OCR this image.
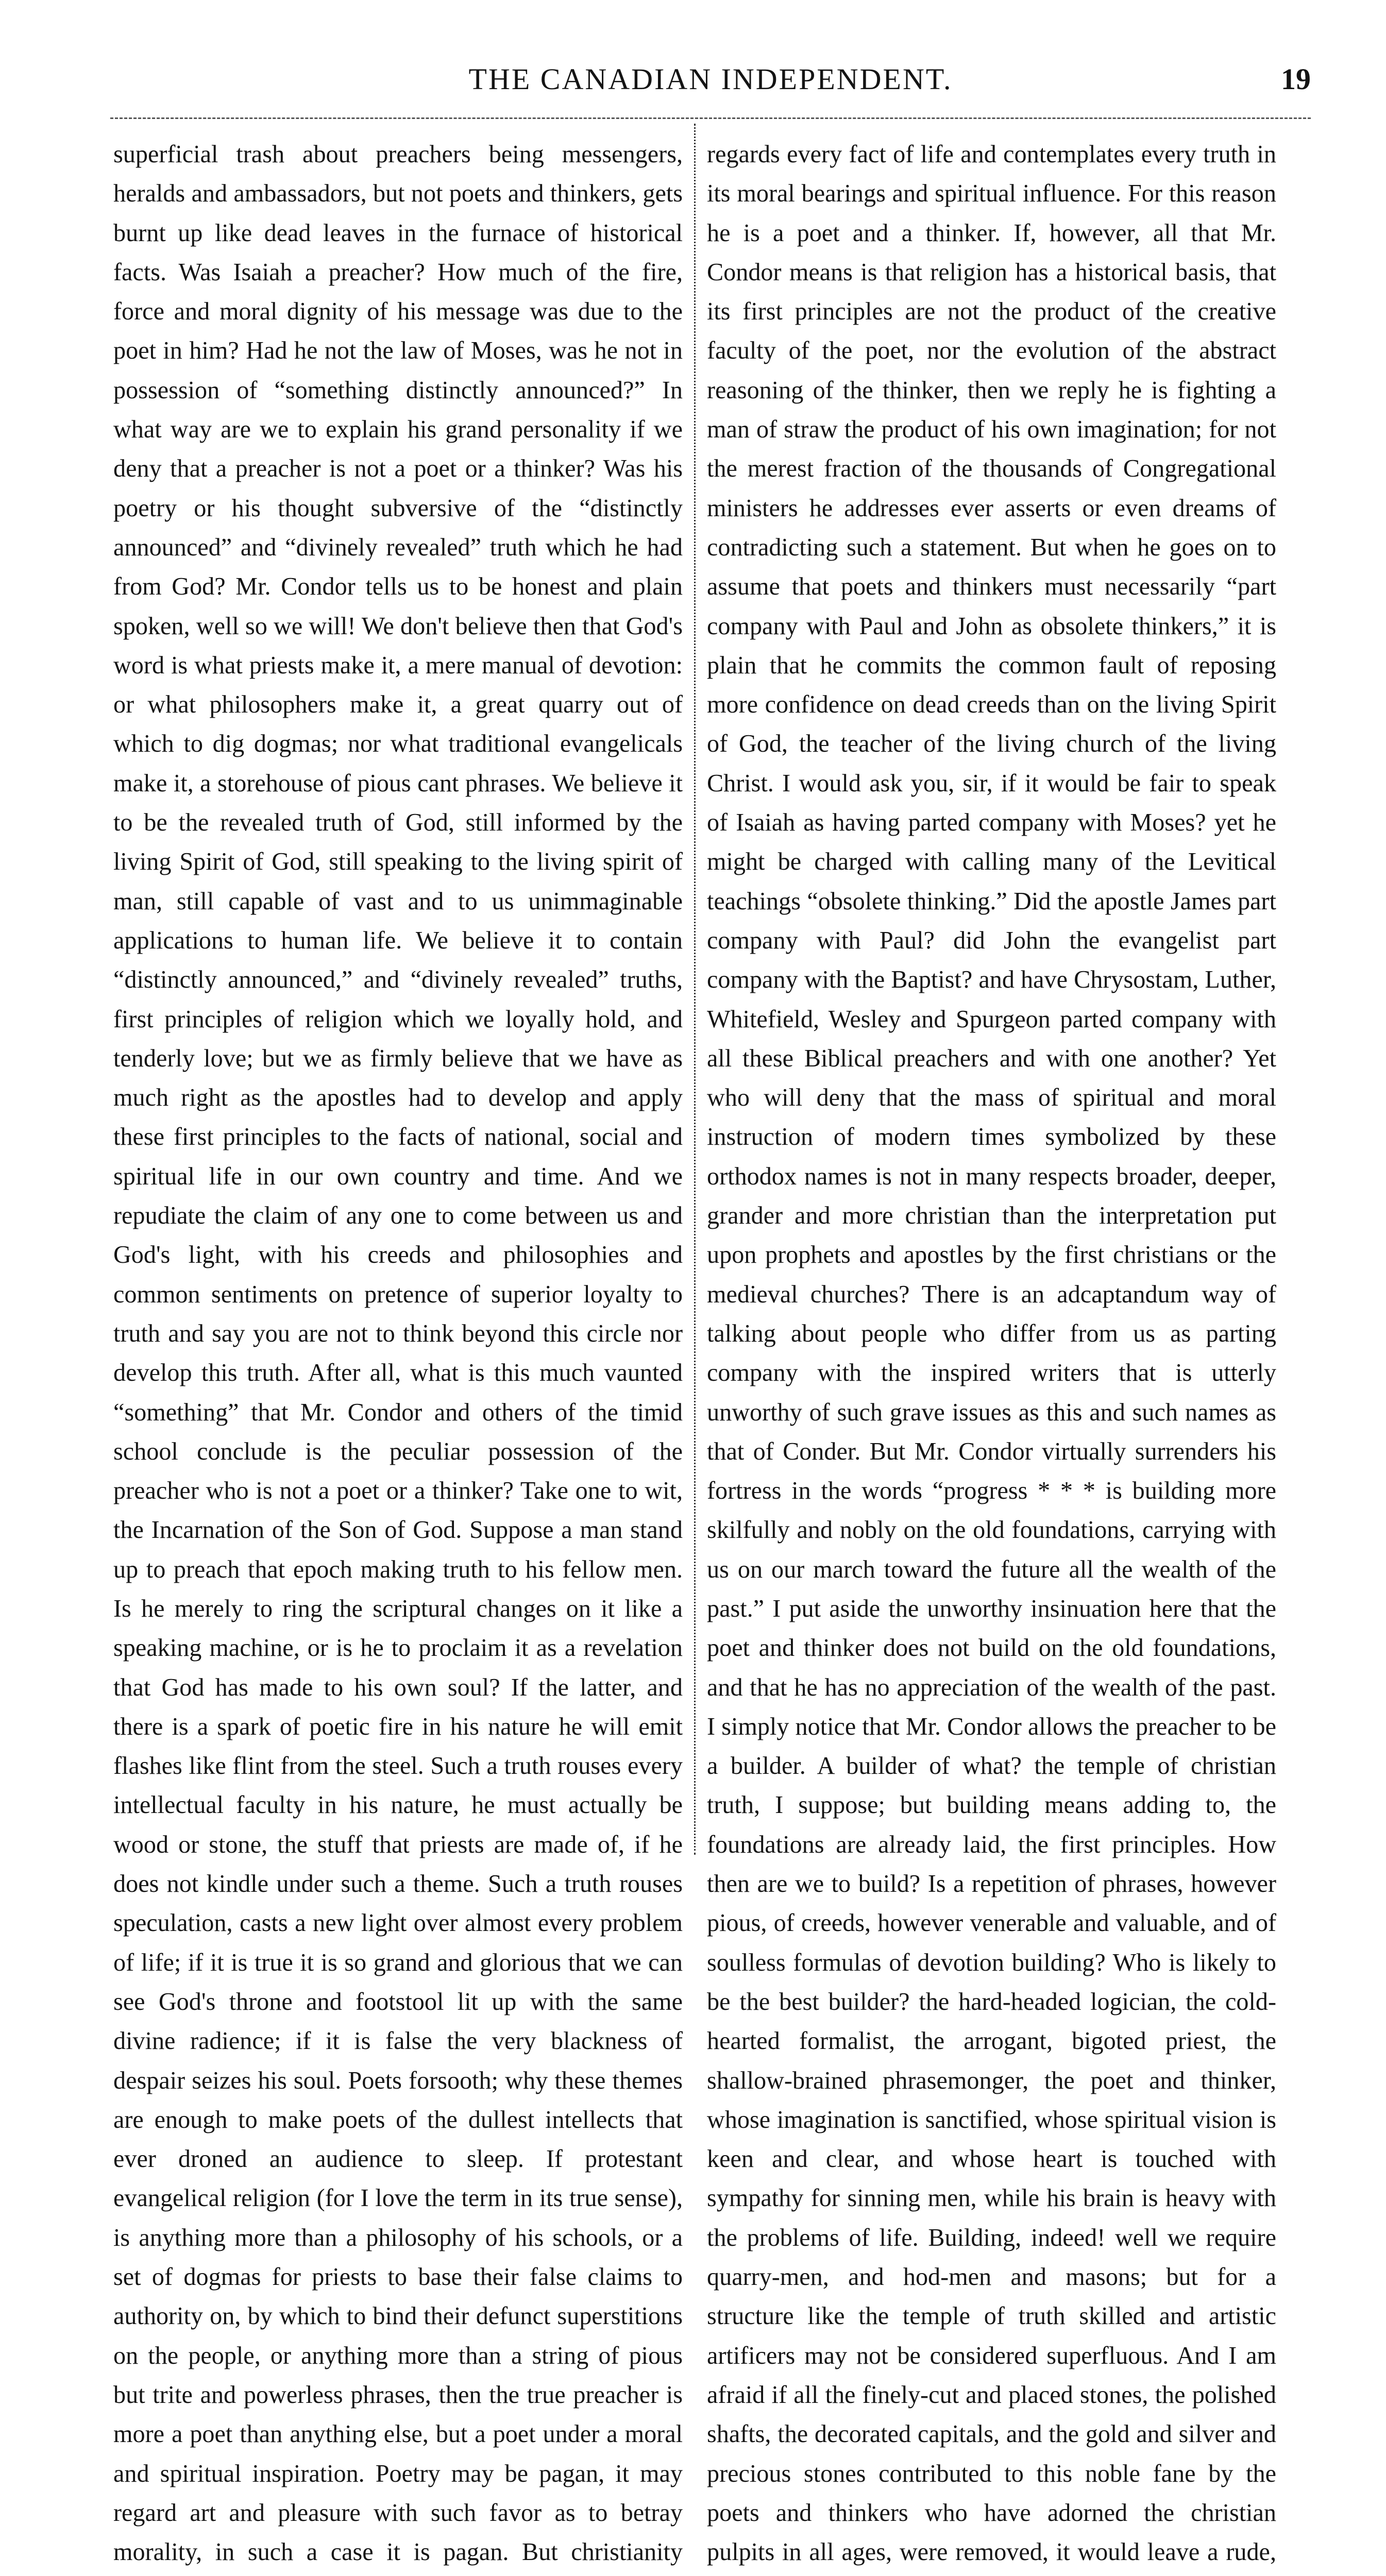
THE CANADIAN INDEPENDENT.	19

superficial trash about preachers being messengers, heralds and ambassadors, but not poets and thinkers, gets burnt up like dead leaves in the furnace of historical facts. Was Isaiah a preacher? How much of the fire, force and moral dignity of his message was due to the poet in him? Had he not the law of Moses, was he not in possession of “something distinctly announced?” In what way are we to explain his grand personality if we deny that a preacher is not a poet or a thinker? Was his poetry or his thought subversive of the “distinctly announced” and “divinely revealed” truth which he had from God? Mr. Condor tells us to be honest and plain spoken, well so we will! We don't believe then that God's word is what priests make it, a mere manual of devotion: or what philosophers make it, a great quarry out of which to dig dogmas; nor what traditional evangelicals make it, a storehouse of pious cant phrases. We believe it to be the revealed truth of God, still informed by the living Spirit of God, still speaking to the living spirit of man, still capable of vast and to us unimmaginable applications to human life. We believe it to contain “distinctly announced,” and “divinely revealed” truths, first principles of religion which we loyally hold, and tenderly love; but we as firmly believe that we have as much right as the apostles had to develop and apply these first principles to the facts of national, social and spiritual life in our own country and time. And we repudiate the claim of any one to come between us and God's light, with his creeds and philosophies and common sentiments on pretence of superior loyalty to truth and say you are not to think beyond this circle nor develop this truth. After all, what is this much vaunted “something” that Mr. Condor and others of the timid school conclude is the peculiar possession of the preacher who is not a poet or a thinker? Take one to wit, the Incarnation of the Son of God. Suppose a man stand up to preach that epoch making truth to his fellow men. Is he merely to ring the scriptural changes on it like a speaking machine, or is he to proclaim it as a revelation that God has made to his own soul? If the latter, and there is a spark of poetic fire in his nature he will emit flashes like flint from the steel. Such a truth rouses every intellectual faculty in his nature, he must actually be wood or stone, the stuff that priests are made of, if he does not kindle under such a theme. Such a truth rouses speculation, casts a new light over almost every problem of life; if it is true it is so grand and glorious that we can see God's throne and footstool lit up with the same divine radience; if it is false the very blackness of despair seizes his soul. Poets forsooth; why these themes are enough to make poets of the dullest intellects that ever droned an audience to sleep. If protestant evangelical religion (for I love the term in its true sense), is anything more than a philosophy of his schools, or a set of dogmas for priests to base their false claims to authority on, by which to bind their defunct superstitions on the people, or anything more than a string of pious but trite and powerless phrases, then the true preacher is more a poet than anything else, but a poet under a moral and spiritual inspiration. Poetry may be pagan, it may regard art and pleasure with such favor as to betray morality, in such a case it is pagan. But christianity

regards every fact of life and contemplates every truth in its moral bearings and spiritual influence. For this reason he is a poet and a thinker. If, however, all that Mr. Condor means is that religion has a historical basis, that its first principles are not the product of the creative faculty of the poet, nor the evolution of the abstract reasoning of the thinker, then we reply he is fighting a man of straw the product of his own imagination; for not the merest fraction of the thousands of Congregational ministers he addresses ever asserts or even dreams of contradicting such a statement. But when he goes on to assume that poets and thinkers must necessarily “part company with Paul and John as obsolete thinkers,” it is plain that he commits the common fault of reposing more confidence on dead creeds than on the living Spirit of God, the teacher of the living church of the living Christ. I would ask you, sir, if it would be fair to speak of Isaiah as having parted company with Moses? yet he might be charged with calling many of the Levitical teachings “obsolete thinking.” Did the apostle James part company with Paul? did John the evangelist part company with the Baptist? and have Chrysostam, Luther, Whitefield, Wesley and Spurgeon parted company with all these Biblical preachers and with one another? Yet who will deny that the mass of spiritual and moral instruction of modern times symbolized by these orthodox names is not in many respects broader, deeper, grander and more christian than the interpretation put upon prophets and apostles by the first christians or the medieval churches? There is an adcaptandum way of talking about people who differ from us as parting company with the inspired writers that is utterly unworthy of such grave issues as this and such names as that of Conder. But Mr. Condor virtually surrenders his fortress in the words “progress * * * is building more skilfully and nobly on the old foundations, carrying with us on our march toward the future all the wealth of the past.” I put aside the unworthy insinuation here that the poet and thinker does not build on the old foundations, and that he has no appreciation of the wealth of the past. I simply notice that Mr. Condor allows the preacher to be a builder. A builder of what? the temple of christian truth, I suppose; but building means adding to, the foundations are already laid, the first principles. How then are we to build? Is a repetition of phrases, however pious, of creeds, however venerable and valuable, and of soulless formulas of devotion building? Who is likely to be the best builder? the hard-headed logician, the cold-hearted formalist, the arrogant, bigoted priest, the shallow-brained phrasemonger, the poet and thinker, whose imagination is sanctified, whose spiritual vision is keen and clear, and whose heart is touched with sympathy for sinning men, while his brain is heavy with the problems of life. Building, indeed! well we require quarry-men, and hod-men and masons; but for a structure like the temple of truth skilled and artistic artificers may not be considered superfluous. And I am afraid if all the finely-cut and placed stones, the polished shafts, the decorated capitals, and the gold and silver and precious stones contributed to this noble fane by the poets and thinkers who have adorned the christian pulpits in all ages, were removed, it would leave a rude,
